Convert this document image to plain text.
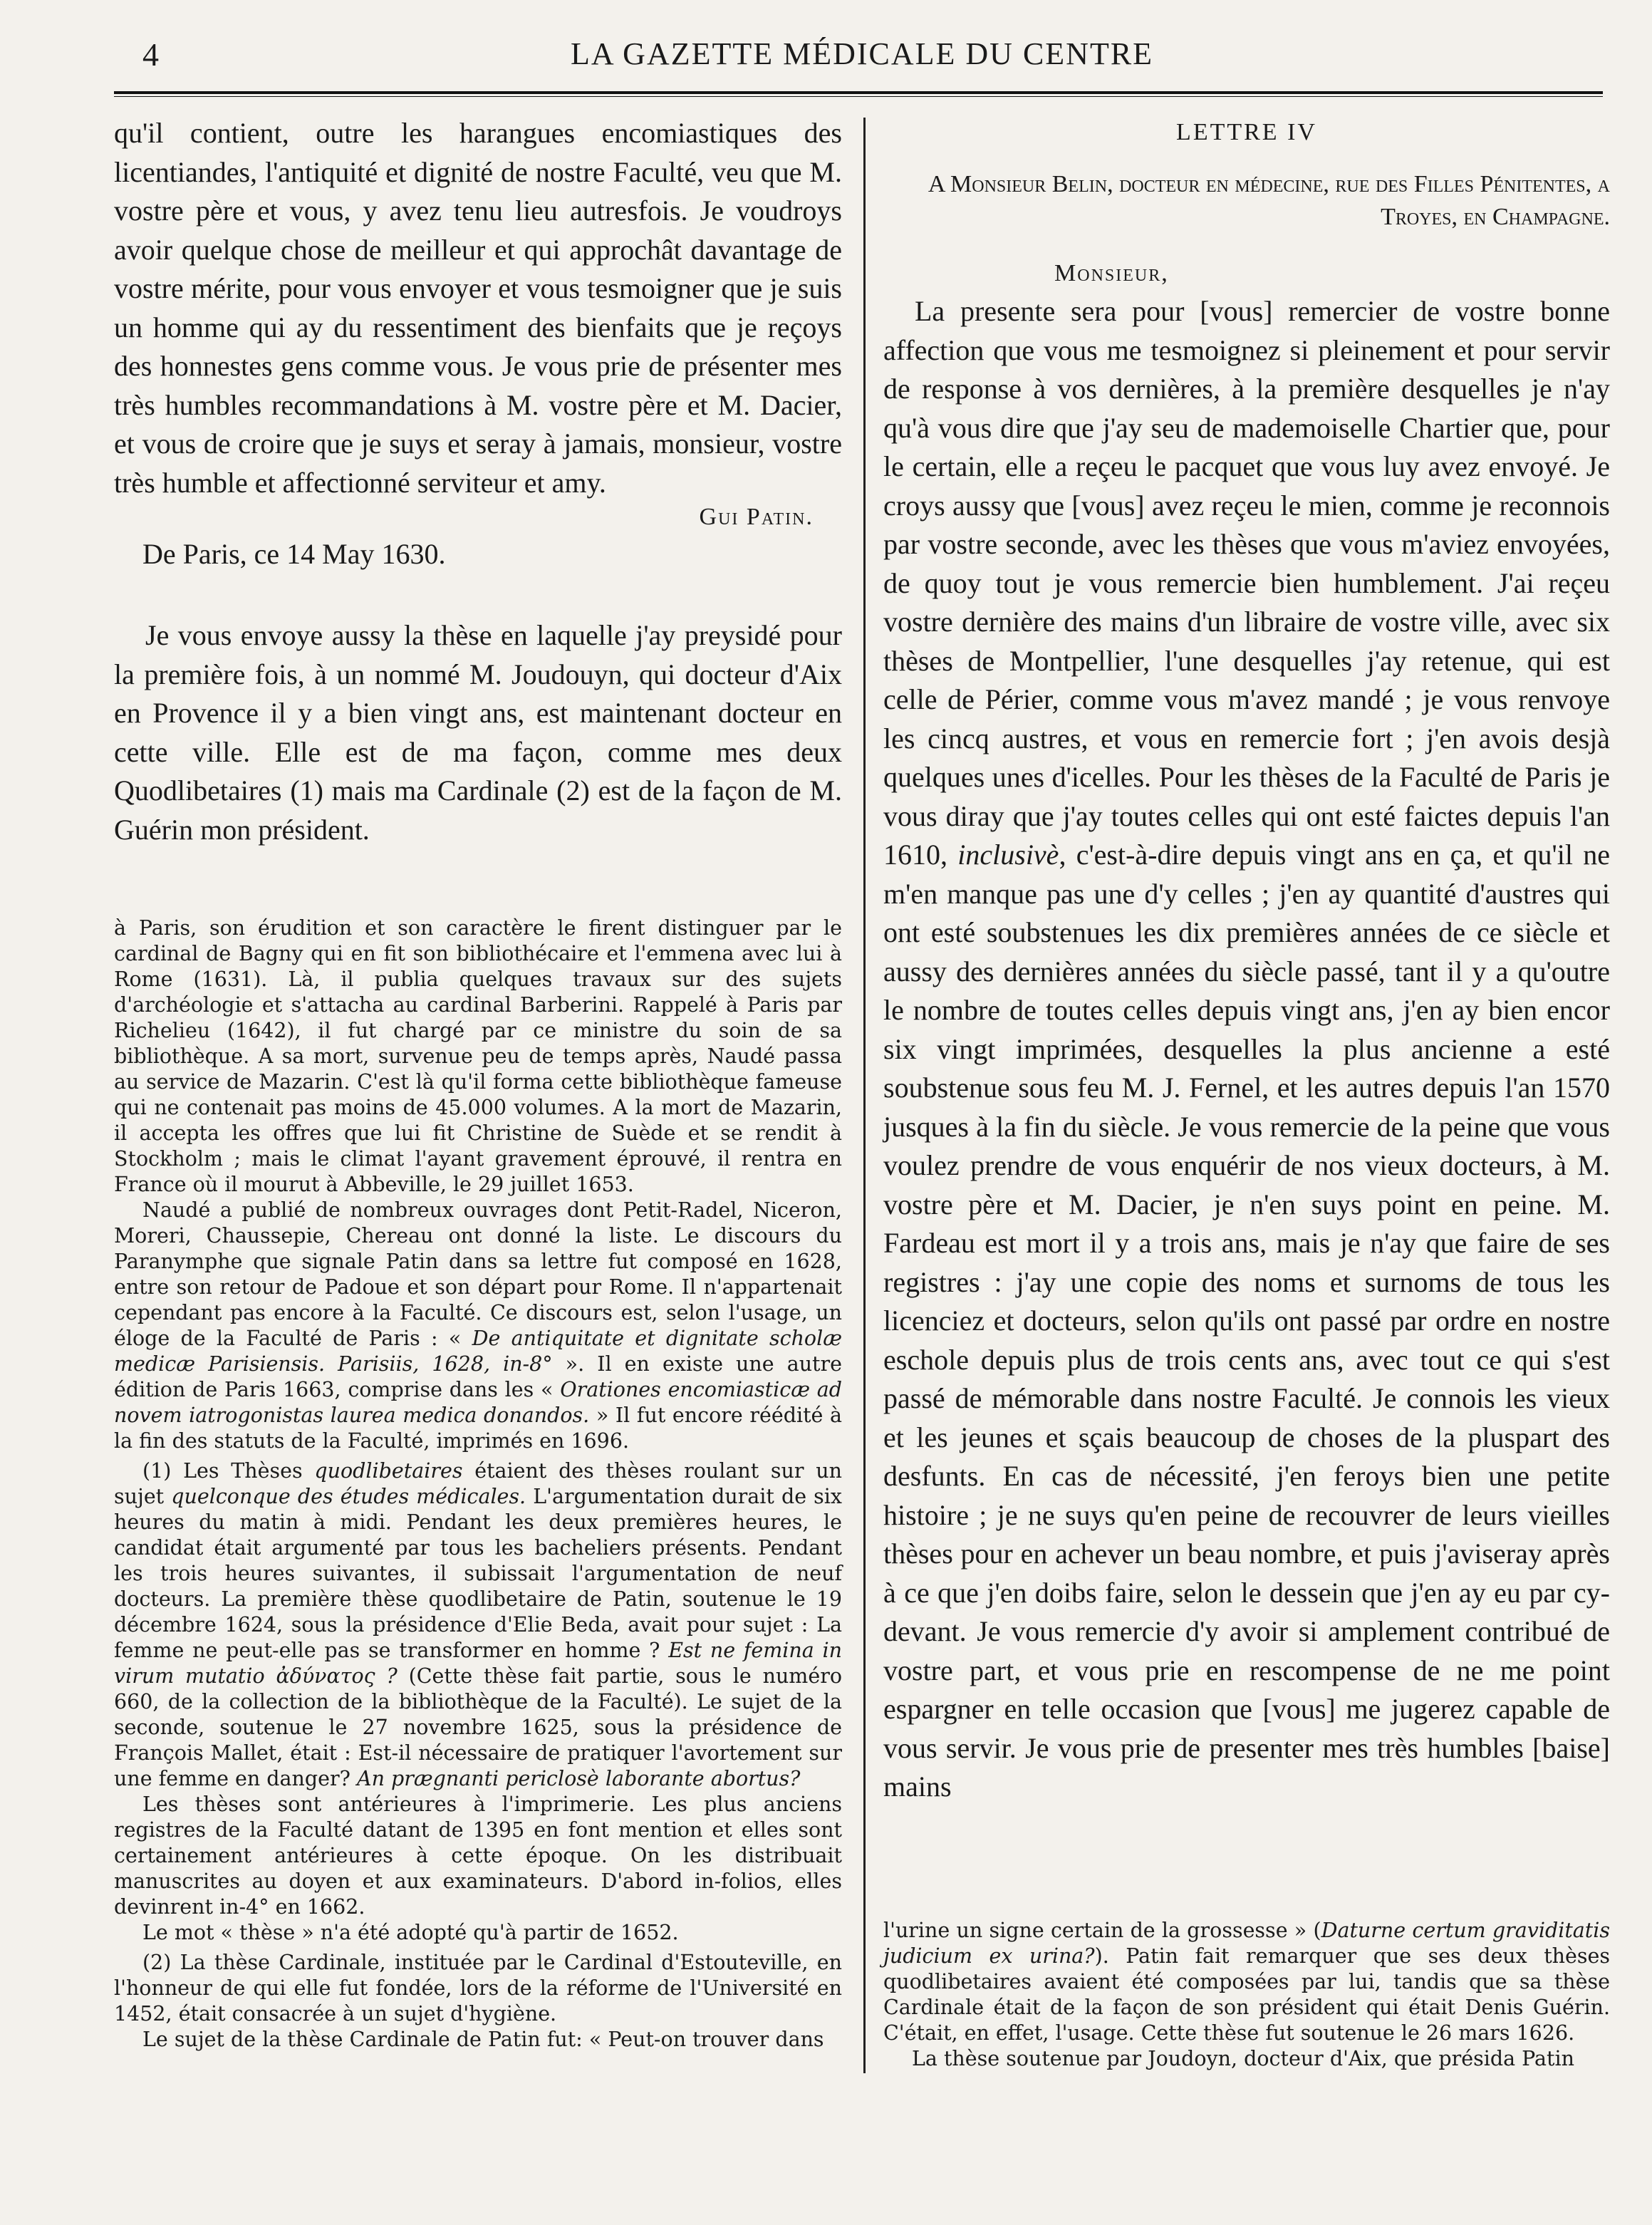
4	LA GAZETTE MÉDICALE DU CENTRE

qu'il contient, outre les harangues encomiastiques des licentiandes, l'antiquité et dignité de nostre Faculté, veu que M. vostre père et vous, y avez tenu lieu autresfois. Je voudroys avoir quelque chose de meilleur et qui approchât davantage de vostre mérite, pour vous envoyer et vous tesmoigner que je suis un homme qui ay du ressentiment des bienfaits que je reçoys des honnestes gens comme vous. Je vous prie de présenter mes très humbles recommandations à M. vostre père et M. Dacier, et vous de croire que je suys et seray à jamais, monsieur, vostre très humble et affectionné serviteur et amy.

Gui Patin.

De Paris, ce 14 May 1630.

Je vous envoye aussy la thèse en laquelle j'ay preysidé pour la première fois, à un nommé M. Joudouyn, qui docteur d'Aix en Provence il y a bien vingt ans, est maintenant docteur en cette ville. Elle est de ma façon, comme mes deux Quodlibetaires (1) mais ma Cardinale (2) est de la façon de M. Guérin mon président.

à Paris, son érudition et son caractère le firent distinguer par le cardinal de Bagny qui en fit son bibliothécaire et l'emmena avec lui à Rome (1631). Là, il publia quelques travaux sur des sujets d'archéologie et s'attacha au cardinal Barberini. Rappelé à Paris par Richelieu (1642), il fut chargé par ce ministre du soin de sa bibliothèque. A sa mort, survenue peu de temps après, Naudé passa au service de Mazarin. C'est là qu'il forma cette bibliothèque fameuse qui ne contenait pas moins de 45.000 volumes. A la mort de Mazarin, il accepta les offres que lui fit Christine de Suède et se rendit à Stockholm ; mais le climat l'ayant gravement éprouvé, il rentra en France où il mourut à Abbeville, le 29 juillet 1653.

Naudé a publié de nombreux ouvrages dont Petit-Radel, Niceron, Moreri, Chaussepie, Chereau ont donné la liste. Le discours du Paranymphe que signale Patin dans sa lettre fut composé en 1628, entre son retour de Padoue et son départ pour Rome. Il n'appartenait cependant pas encore à la Faculté. Ce discours est, selon l'usage, un éloge de la Faculté de Paris : « De antiquitate et dignitate scholæ medicæ Parisiensis. Parisiis, 1628, in-8° ». Il en existe une autre édition de Paris 1663, comprise dans les « Orationes encomiasticæ ad novem iatrogonistas laurea medica donandos. » Il fut encore réédité à la fin des statuts de la Faculté, imprimés en 1696.

(1) Les Thèses quodlibetaires étaient des thèses roulant sur un sujet quelconque des études médicales. L'argumentation durait de six heures du matin à midi. Pendant les deux premières heures, le candidat était argumenté par tous les bacheliers présents. Pendant les trois heures suivantes, il subissait l'argumentation de neuf docteurs. La première thèse quodlibetaire de Patin, soutenue le 19 décembre 1624, sous la présidence d'Elie Beda, avait pour sujet : La femme ne peut-elle pas se transformer en homme ? Est ne femina in virum mutatio ἀδύνατος ? (Cette thèse fait partie, sous le numéro 660, de la collection de la bibliothèque de la Faculté). Le sujet de la seconde, soutenue le 27 novembre 1625, sous la présidence de François Mallet, était : Est-il nécessaire de pratiquer l'avortement sur une femme en danger? An prægnanti periclosè laborante abortus?

Les thèses sont antérieures à l'imprimerie. Les plus anciens registres de la Faculté datant de 1395 en font mention et elles sont certainement antérieures à cette époque. On les distribuait manuscrites au doyen et aux examinateurs. D'abord in-folios, elles devinrent in-4° en 1662.

Le mot « thèse » n'a été adopté qu'à partir de 1652.

(2) La thèse Cardinale, instituée par le Cardinal d'Estouteville, en l'honneur de qui elle fut fondée, lors de la réforme de l'Université en 1452, était consacrée à un sujet d'hygiène.

Le sujet de la thèse Cardinale de Patin fut: « Peut-on trouver dans

LETTRE IV
A Monsieur Belin, docteur en médecine, rue des Filles Pénitentes, a Troyes, en Champagne.
Monsieur,

La presente sera pour [vous] remercier de vostre bonne affection que vous me tesmoignez si pleinement et pour servir de response à vos dernières, à la première desquelles je n'ay qu'à vous dire que j'ay seu de mademoiselle Chartier que, pour le certain, elle a reçeu le pacquet que vous luy avez envoyé. Je croys aussy que [vous] avez reçeu le mien, comme je reconnois par vostre seconde, avec les thèses que vous m'aviez envoyées, de quoy tout je vous remercie bien humblement. J'ai reçeu vostre dernière des mains d'un libraire de vostre ville, avec six thèses de Montpellier, l'une desquelles j'ay retenue, qui est celle de Périer, comme vous m'avez mandé ; je vous renvoye les cincq austres, et vous en remercie fort ; j'en avois desjà quelques unes d'icelles. Pour les thèses de la Faculté de Paris je vous diray que j'ay toutes celles qui ont esté faictes depuis l'an 1610, inclusivè, c'est-à-dire depuis vingt ans en ça, et qu'il ne m'en manque pas une d'y celles ; j'en ay quantité d'austres qui ont esté soubstenues les dix premières années de ce siècle et aussy des dernières années du siècle passé, tant il y a qu'outre le nombre de toutes celles depuis vingt ans, j'en ay bien encor six vingt imprimées, desquelles la plus ancienne a esté soubstenue sous feu M. J. Fernel, et les autres depuis l'an 1570 jusques à la fin du siècle. Je vous remercie de la peine que vous voulez prendre de vous enquérir de nos vieux docteurs, à M. vostre père et M. Dacier, je n'en suys point en peine. M. Fardeau est mort il y a trois ans, mais je n'ay que faire de ses registres : j'ay une copie des noms et surnoms de tous les licenciez et docteurs, selon qu'ils ont passé par ordre en nostre eschole depuis plus de trois cents ans, avec tout ce qui s'est passé de mémorable dans nostre Faculté. Je connois les vieux et les jeunes et sçais beaucoup de choses de la pluspart des desfunts. En cas de nécessité, j'en feroys bien une petite histoire ; je ne suys qu'en peine de recouvrer de leurs vieilles thèses pour en achever un beau nombre, et puis j'aviseray après à ce que j'en doibs faire, selon le dessein que j'en ay eu par cy-devant. Je vous remercie d'y avoir si amplement contribué de vostre part, et vous prie en rescompense de ne me point espargner en telle occasion que [vous] me jugerez capable de vous servir. Je vous prie de presenter mes très humbles [baise] mains

l'urine un signe certain de la grossesse » (Daturne certum graviditatis judicium ex urina?). Patin fait remarquer que ses deux thèses quodlibetaires avaient été composées par lui, tandis que sa thèse Cardinale était de la façon de son président qui était Denis Guérin. C'était, en effet, l'usage. Cette thèse fut soutenue le 26 mars 1626.

La thèse soutenue par Joudoyn, docteur d'Aix, que présida Patin
